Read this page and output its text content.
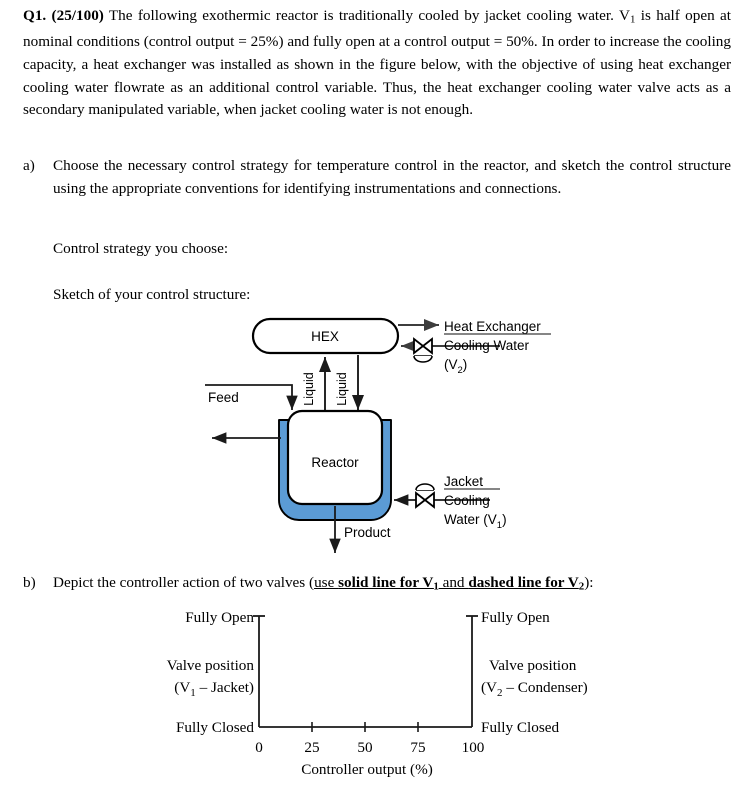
Q1. (25/100) The following exothermic reactor is traditionally cooled by jacket cooling water. $V_1$ is half open at nominal conditions (control output = 25%) and fully open at a control output = 50%. In order to increase the cooling capacity, a heat exchanger was installed as shown in the figure below, with the objective of using heat exchanger cooling water flowrate as an additional control variable. Thus, the heat exchanger cooling water valve acts as a secondary manipulated variable, when jacket cooling water is not enough.
a)	Choose the necessary control strategy for temperature control in the reactor, and sketch the control structure using the appropriate conventions for identifying instrumentations and connections.
Control strategy you choose:
Sketch of your control structure:
HEX
Heat Exchanger
Cooling Water
$(V_2)$
Liquid Liquid
Feed
Reactor
Jacket
Cooling
Water $(V_1)$
Product
b)	Depict the controller action of two valves (use solid line for $V_1$ and dashed line for $V_2$):
0	25 50 75 100
Controller output (%)
Fully Open
Fully Closed
Valve position
($V_1$ – Jacket)
Fully Open
Fully Closed
Valve position
($V_2$ – Condenser)
